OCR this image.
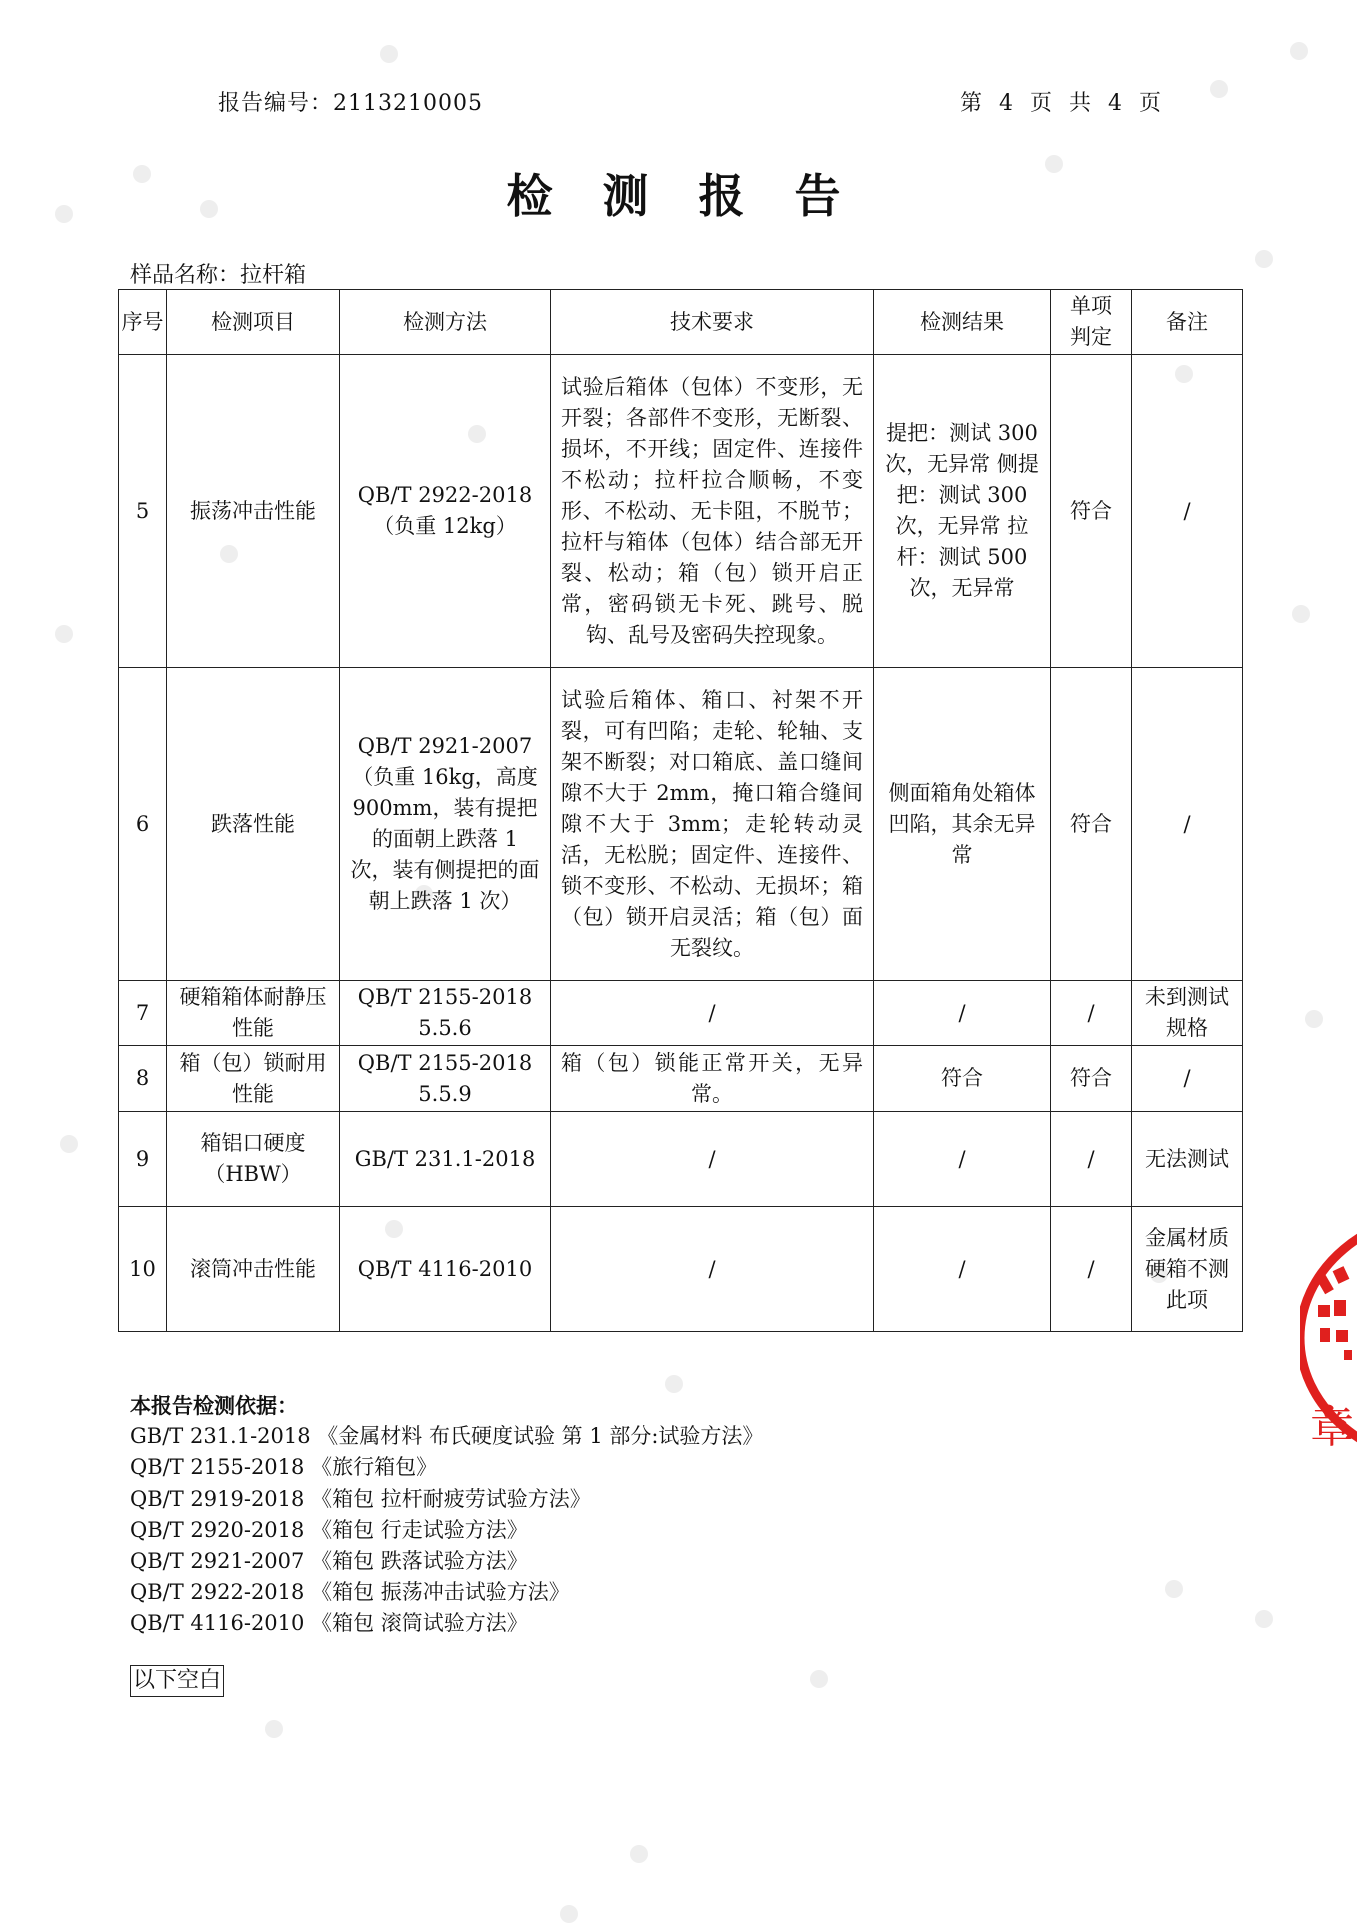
报告编号：2113210005	第 4 页 共 4 页
检测报告
样品名称：拉杆箱
序号	检测项目	检测方法	技术要求	检测结果	单项判定	备注
5	振荡冲击性能	QB/T 2922-2018（负重 12kg）	试验后箱体（包体）不变形，无开裂；各部件不变形，无断裂、损坏，不开线；固定件、连接件不松动；拉杆拉合顺畅，不变形、不松动、无卡阻，不脱节；拉杆与箱体（包体）结合部无开裂、松动；箱（包）锁开启正常，密码锁无卡死、跳号、脱钩、乱号及密码失控现象。	提把：测试 300 次，无异常 侧提把：测试 300 次，无异常 拉杆：测试 500 次，无异常	符合	/
6	跌落性能	QB/T 2921-2007（负重 16kg，高度 900mm，装有提把的面朝上跌落 1 次，装有侧提把的面朝上跌落 1 次）	试验后箱体、箱口、衬架不开裂，可有凹陷；走轮、轮轴、支架不断裂；对口箱底、盖口缝间隙不大于 2mm，掩口箱合缝间隙不大于 3mm；走轮转动灵活，无松脱；固定件、连接件、锁不变形、不松动、无损坏；箱（包）锁开启灵活；箱（包）面无裂纹。	侧面箱角处箱体凹陷，其余无异常	符合	/
7	硬箱箱体耐静压性能	QB/T 2155-2018 5.5.6	/	/	/	未到测试规格
8	箱（包）锁耐用性能	QB/T 2155-2018 5.5.9	箱（包）锁能正常开关，无异常。	符合	符合	/
9	箱铝口硬度（HBW）	GB/T 231.1-2018	/	/	/	无法测试
10	滚筒冲击性能	QB/T 4116-2010	/	/	/	金属材质硬箱不测此项
本报告检测依据：
GB/T 231.1-2018 《金属材料 布氏硬度试验 第 1 部分:试验方法》
QB/T 2155-2018 《旅行箱包》
QB/T 2919-2018 《箱包 拉杆耐疲劳试验方法》
QB/T 2920-2018 《箱包 行走试验方法》
QB/T 2921-2007 《箱包 跌落试验方法》
QB/T 2922-2018 《箱包 振荡冲击试验方法》
QB/T 4116-2010 《箱包 滚筒试验方法》
以下空白
章
